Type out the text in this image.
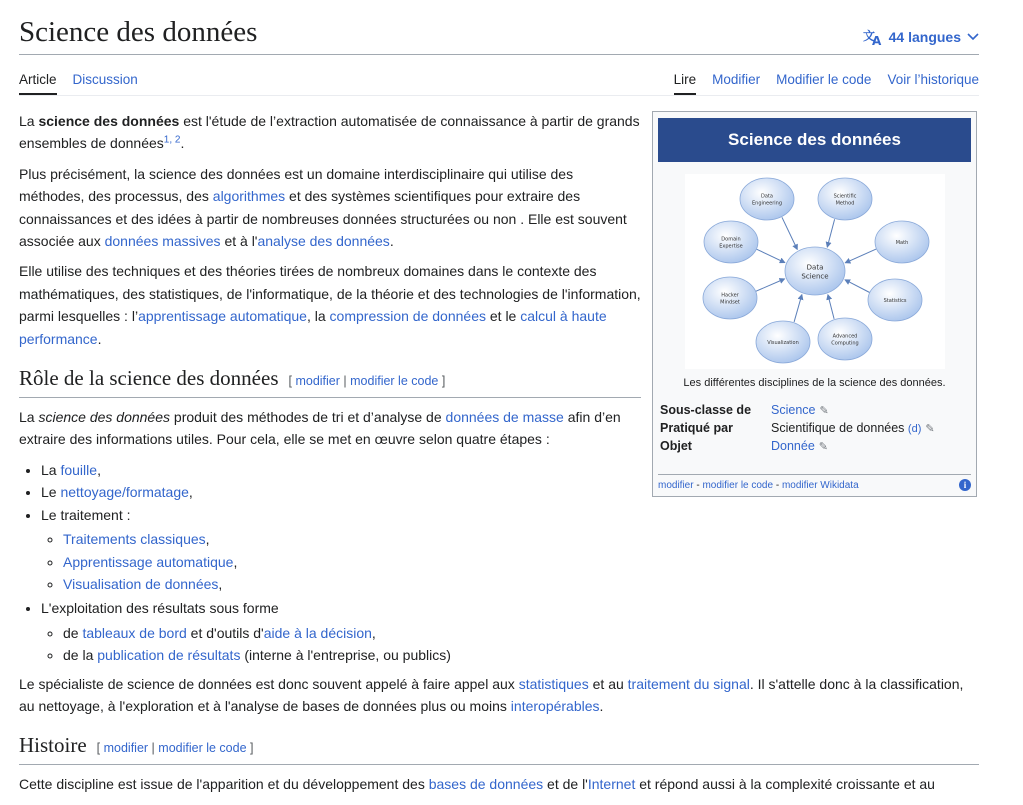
Science des données	文
A 44 langues
Article Discussion	Lire Modifier Modifier le code Voir l’historique

La science des données est l'étude de l’extraction automatisée de connaissance à partir de grands ensembles de données$^{1, 2}$.

Plus précisément, la science des données est un domaine interdisciplinaire qui utilise des méthodes, des processus, des algorithmes et des systèmes scientifiques pour extraire des connaissances et des idées à partir de nombreuses données structurées ou non . Elle est souvent associée aux données massives et à l'analyse des données.

Elle utilise des techniques et des théories tirées de nombreux domaines dans le contexte des mathématiques, des statistiques, de l'informatique, de la théorie et des technologies de l'information, parmi lesquelles : l’apprentissage automatique, la compression de données et le calcul à haute performance.

Rôle de la science des données [ modifier | modifier le code ]

La science des données produit des méthodes de tri et d’analyse de données de masse afin d’en extraire des informations utiles. Pour cela, elle se met en œuvre selon quatre étapes :

• La fouille,
• Le nettoyage/formatage,
• Le traitement :
◦ Traitements classiques,
◦ Apprentissage automatique,
◦ Visualisation de données,
• L'exploitation des résultats sous forme
◦ de tableaux de bord et d'outils d'aide à la décision,
◦ de la publication de résultats (interne à l'entreprise, ou publics)

Le spécialiste de science de données est donc souvent appelé à faire appel aux statistiques et au traitement du signal. Il s'attelle donc à la classification, au nettoyage, à l'exploration et à l'analyse de bases de données plus ou moins interopérables.

Histoire [ modifier | modifier le code ]

Cette discipline est issue de l'apparition et du développement des bases de données et de l'Internet et répond aussi à la complexité croissante et au

Science des données
Data
Engineering
Scientific
Method
Math
Statistics
Advanced
Computing
Visualization
Hacker
Mindset
Domain
Expertise
Data
Science
Les différentes disciplines de la science des données.
Sous-classe de	Science ✎
Pratiqué par	Scientifique de données (d) ✎
Objet	Donnée ✎
modifier - modifier le code - modifier Wikidata	i
